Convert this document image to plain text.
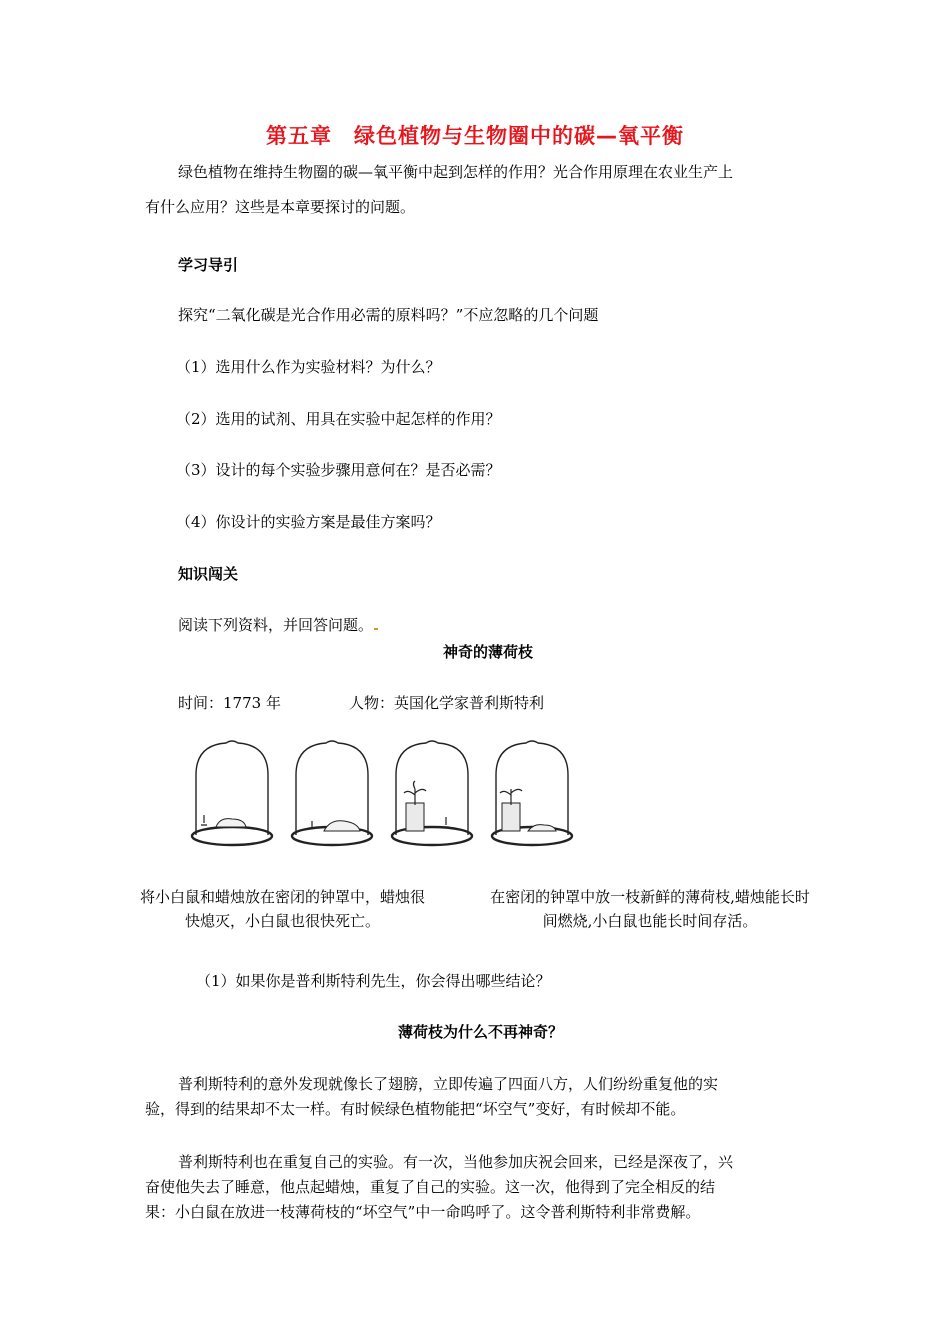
第五章　绿色植物与生物圈中的碳—氧平衡
绿色植物在维持生物圈的碳—氧平衡中起到怎样的作用？光合作用原理在农业生产上
有什么应用？这些是本章要探讨的问题。
学习导引
探究“二氧化碳是光合作用必需的原料吗？”不应忽略的几个问题
（1）选用什么作为实验材料？为什么？
（2）选用的试剂、用具在实验中起怎样的作用？
（3）设计的每个实验步骤用意何在？是否必需？
（4）你设计的实验方案是最佳方案吗？
知识闯关
阅读下列资料，并回答问题。
神奇的薄荷枝
时间：1773 年	人物：英国化学家普利斯特利
将小白鼠和蜡烛放在密闭的钟罩中，蜡烛很
快熄灭，小白鼠也很快死亡。
在密闭的钟罩中放一枝新鲜的薄荷枝,蜡烛能长时
间燃烧,小白鼠也能长时间存活。
（1）如果你是普利斯特利先生，你会得出哪些结论？
薄荷枝为什么不再神奇？
普利斯特利的意外发现就像长了翅膀，立即传遍了四面八方，人们纷纷重复他的实
验，得到的结果却不太一样。有时候绿色植物能把“坏空气”变好，有时候却不能。
普利斯特利也在重复自己的实验。有一次，当他参加庆祝会回来，已经是深夜了，兴
奋使他失去了睡意，他点起蜡烛，重复了自己的实验。这一次，他得到了完全相反的结
果：小白鼠在放进一枝薄荷枝的“坏空气”中一命呜呼了。这令普利斯特利非常费解。
